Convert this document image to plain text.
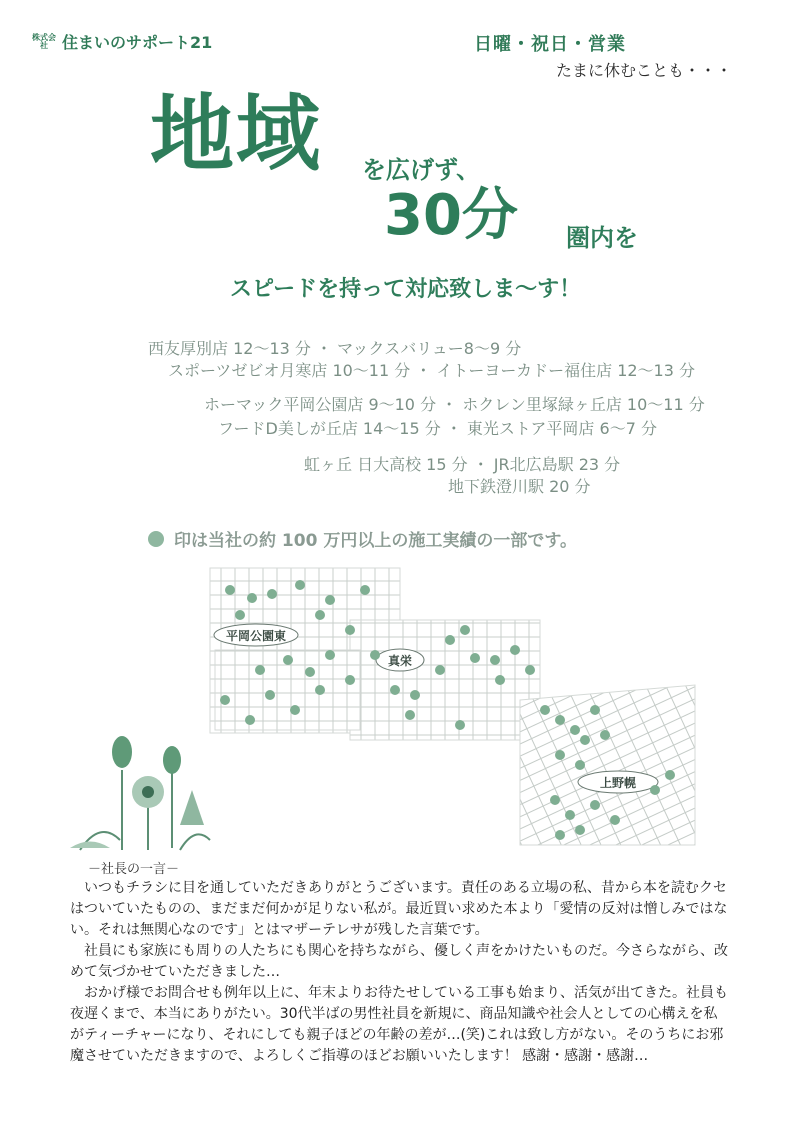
株式会社 住まいのサポート21	日曜・祝日・営業
たまに休むことも・・・
地域 を広げず、
30分 圏内を
スピードを持って対応致しま～す！
西友厚別店 12～13 分 ・ マックスバリュー8～9 分
スポーツゼビオ月寒店 10～11 分 ・ イトーヨーカドー福住店 12～13 分
ホーマック平岡公園店 9～10 分 ・ ホクレン里塚緑ヶ丘店 10～11 分
フードD美しが丘店 14～15 分 ・ 東光ストア平岡店 6～7 分
虹ヶ丘 日大高校 15 分 ・ JR北広島駅 23 分
地下鉄澄川駅 20 分
印は当社の約 100 万円以上の施工実績の一部です。
平岡公園東
真栄
上野幌
－社長の一言－

いつもチラシに目を通していただきありがとうございます。責任のある立場の私、昔から本を読むクセはついていたものの、まだまだ何かが足りない私が。最近買い求めた本より「愛情の反対は憎しみではない。それは無関心なのです」とはマザーテレサが残した言葉です。

社員にも家族にも周りの人たちにも関心を持ちながら、優しく声をかけたいものだ。今さらながら、改めて気づかせていただきました…

おかげ様でお問合せも例年以上に、年末よりお待たせしている工事も始まり、活気が出てきた。社員も夜遅くまで、本当にありがたい。30代半ばの男性社員を新規に、商品知識や社会人としての心構えを私がティーチャーになり、それにしても親子ほどの年齢の差が…(笑)これは致し方がない。そのうちにお邪魔させていただきますので、よろしくご指導のほどお願いいたします！ 感謝・感謝・感謝…
